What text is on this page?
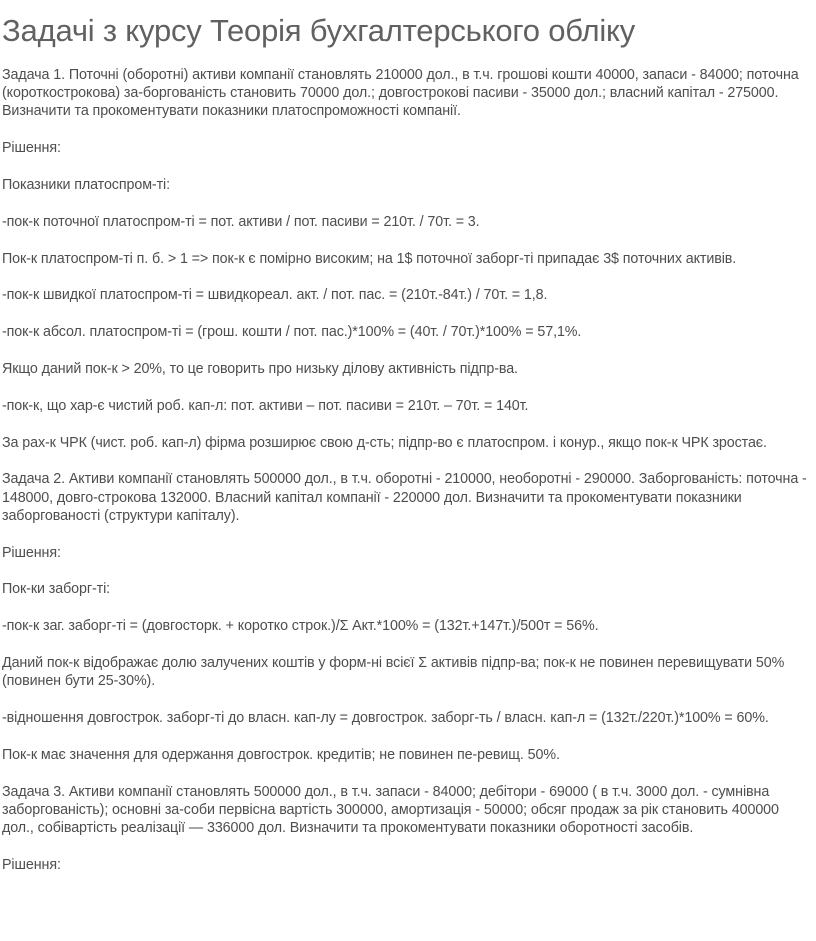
Задачі з курсу Теорія бухгалтерського обліку

Задача 1. Поточні (оборотні) активи компанії становлять 210000 дол., в т.ч. грошові кошти 40000, запаси - 84000; поточна (короткострокова) за-боргованість становить 70000 дол.; довгострокові пасиви - 35000 дол.; власний капітал - 275000. Визначити та прокоментувати показники платоспроможності компанії.

Рішення:

Показники платоспром-ті:

-пок-к поточної платоспром-ті = пот. активи / пот. пасиви = 210т. / 70т. = 3.

Пок-к платоспром-ті п. б. > 1 => пок-к є помірно високим; на 1$ поточної заборг-ті припадає 3$ поточних активів.

-пок-к швидкої платоспром-ті = швидкореал. акт. / пот. пас. = (210т.-84т.) / 70т. = 1,8.

-пок-к абсол. платоспром-ті = (грош. кошти / пот. пас.)*100% = (40т. / 70т.)*100% = 57,1%.

Якщо даний пок-к > 20%, то це говорить про низьку ділову активність підпр-ва.

-пок-к, що хар-є чистий роб. кап-л: пот. активи – пот. пасиви = 210т. – 70т. = 140т.

За рах-к ЧРК (чист. роб. кап-л) фірма розширює свою д-сть; підпр-во є платоспром. і конур., якщо пок-к ЧРК зростає.

Задача 2. Активи компанії становлять 500000 дол., в т.ч. оборотні - 210000, необоротні - 290000. Заборгованість: поточна - 148000, довго-строкова 132000. Власний капітал компанії - 220000 дол. Визначити та прокоментувати показники заборгованості (структури капіталу).

Рішення:

Пок-ки заборг-ті:

-пок-к заг. заборг-ті = (довгосторк. + коротко строк.)/Σ Акт.*100% = (132т.+147т.)/500т = 56%.

Даний пок-к відображає долю залучених коштів у форм-ні всієї Σ активів підпр-ва; пок-к не повинен перевищувати 50% (повинен бути 25-30%).

-відношення довгострок. заборг-ті до власн. кап-лу = довгострок. заборг-ть / власн. кап-л = (132т./220т.)*100% = 60%.

Пок-к має значення для одержання довгострок. кредитів; не повинен пе-ревищ. 50%.

Задача 3. Активи компанії становлять 500000 дол., в т.ч. запаси - 84000; дебітори - 69000 ( в т.ч. 3000 дол. - сумнівна заборгованість); основні за-соби первісна вартість 300000, амортизація - 50000; обсяг продаж за рік становить 400000 дол., собівартість реалізації — 336000 дол. Визначити та прокоментувати показники оборотності засобів.

Рішення:
